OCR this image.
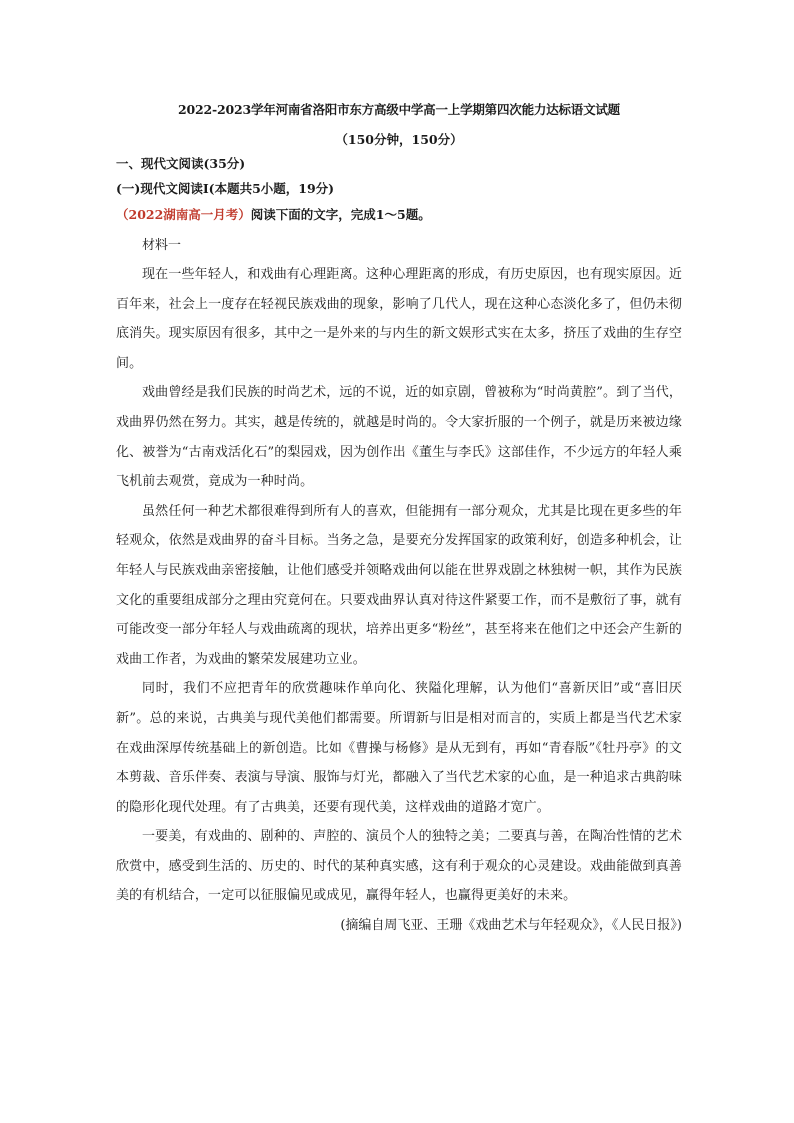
2022-2023学年河南省洛阳市东方高级中学高一上学期第四次能力达标语文试题

（150分钟，150分）

一、现代文阅读(35分)

(一)现代文阅读Ⅰ(本题共5小题，19分)

（2022湖南高一月考）阅读下面的文字，完成1～5题。

材料一

现在一些年轻人，和戏曲有心理距离。这种心理距离的形成，有历史原因，也有现实原因。近百年来，社会上一度存在轻视民族戏曲的现象，影响了几代人，现在这种心态淡化多了，但仍未彻底消失。现实原因有很多，其中之一是外来的与内生的新文娱形式实在太多，挤压了戏曲的生存空间。

戏曲曾经是我们民族的时尚艺术，远的不说，近的如京剧，曾被称为“时尚黄腔”。到了当代，戏曲界仍然在努力。其实，越是传统的，就越是时尚的。令大家折服的一个例子，就是历来被边缘化、被誉为“古南戏活化石”的梨园戏，因为创作出《董生与李氏》这部佳作，不少远方的年轻人乘飞机前去观赏，竟成为一种时尚。

虽然任何一种艺术都很难得到所有人的喜欢，但能拥有一部分观众，尤其是比现在更多些的年轻观众，依然是戏曲界的奋斗目标。当务之急，是要充分发挥国家的政策利好，创造多种机会，让年轻人与民族戏曲亲密接触，让他们感受并领略戏曲何以能在世界戏剧之林独树一帜，其作为民族文化的重要组成部分之理由究竟何在。只要戏曲界认真对待这件紧要工作，而不是敷衍了事，就有可能改变一部分年轻人与戏曲疏离的现状，培养出更多“粉丝”，甚至将来在他们之中还会产生新的戏曲工作者，为戏曲的繁荣发展建功立业。

同时，我们不应把青年的欣赏趣味作单向化、狭隘化理解，认为他们“喜新厌旧”或“喜旧厌新”。总的来说，古典美与现代美他们都需要。所谓新与旧是相对而言的，实质上都是当代艺术家在戏曲深厚传统基础上的新创造。比如《曹操与杨修》是从无到有，再如“青春版”《牡丹亭》的文本剪裁、音乐伴奏、表演与导演、服饰与灯光，都融入了当代艺术家的心血，是一种追求古典韵味的隐形化现代处理。有了古典美，还要有现代美，这样戏曲的道路才宽广。

一要美，有戏曲的、剧种的、声腔的、演员个人的独特之美；二要真与善，在陶冶性情的艺术欣赏中，感受到生活的、历史的、时代的某种真实感，这有利于观众的心灵建设。戏曲能做到真善美的有机结合，一定可以征服偏见或成见，赢得年轻人，也赢得更美好的未来。

(摘编自周飞亚、王珊《戏曲艺术与年轻观众》，《人民日报》)
